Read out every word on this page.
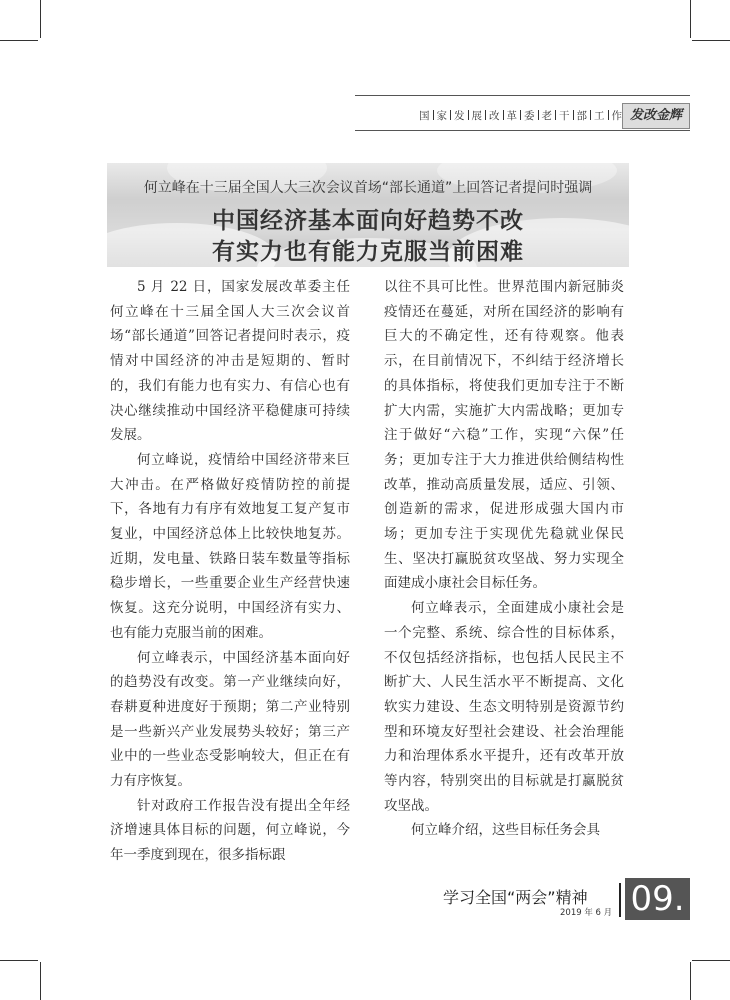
国 家 发 展 改 革 委 老 干 部 工 作 发改金辉
何立峰在十三届全国人大三次会议首场“部长通道”上回答记者提问时强调
中国经济基本面向好趋势不改
有实力也有能力克服当前困难

5 月 22 日，国家发展改革委主任何立峰在十三届全国人大三次会议首场“部长通道”回答记者提问时表示，疫情对中国经济的冲击是短期的、暂时的，我们有能力也有实力、有信心也有决心继续推动中国经济平稳健康可持续发展。

何立峰说，疫情给中国经济带来巨大冲击。在严格做好疫情防控的前提下，各地有力有序有效地复工复产复市复业，中国经济总体上比较快地复苏。近期，发电量、铁路日装车数量等指标稳步增长，一些重要企业生产经营快速恢复。这充分说明，中国经济有实力、也有能力克服当前的困难。

何立峰表示，中国经济基本面向好的趋势没有改变。第一产业继续向好，春耕夏种进度好于预期；第二产业特别是一些新兴产业发展势头较好；第三产业中的一些业态受影响较大，但正在有力有序恢复。

针对政府工作报告没有提出全年经济增速具体目标的问题，何立峰说，今年一季度到现在，很多指标跟

以往不具可比性。世界范围内新冠肺炎疫情还在蔓延，对所在国经济的影响有巨大的不确定性，还有待观察。他表示，在目前情况下，不纠结于经济增长的具体指标，将使我们更加专注于不断扩大内需，实施扩大内需战略；更加专注于做好“六稳”工作，实现“六保”任务；更加专注于大力推进供给侧结构性改革，推动高质量发展，适应、引领、创造新的需求，促进形成强大国内市场；更加专注于实现优先稳就业保民生、坚决打赢脱贫攻坚战、努力实现全面建成小康社会目标任务。

何立峰表示，全面建成小康社会是一个完整、系统、综合性的目标体系，不仅包括经济指标，也包括人民民主不断扩大、人民生活水平不断提高、文化软实力建设、生态文明特别是资源节约型和环境友好型社会建设、社会治理能力和治理体系水平提升，还有改革开放等内容，特别突出的目标就是打赢脱贫攻坚战。

何立峰介绍，这些目标任务会具

学习全国“两会”精神
2019 年 6 月 09.
